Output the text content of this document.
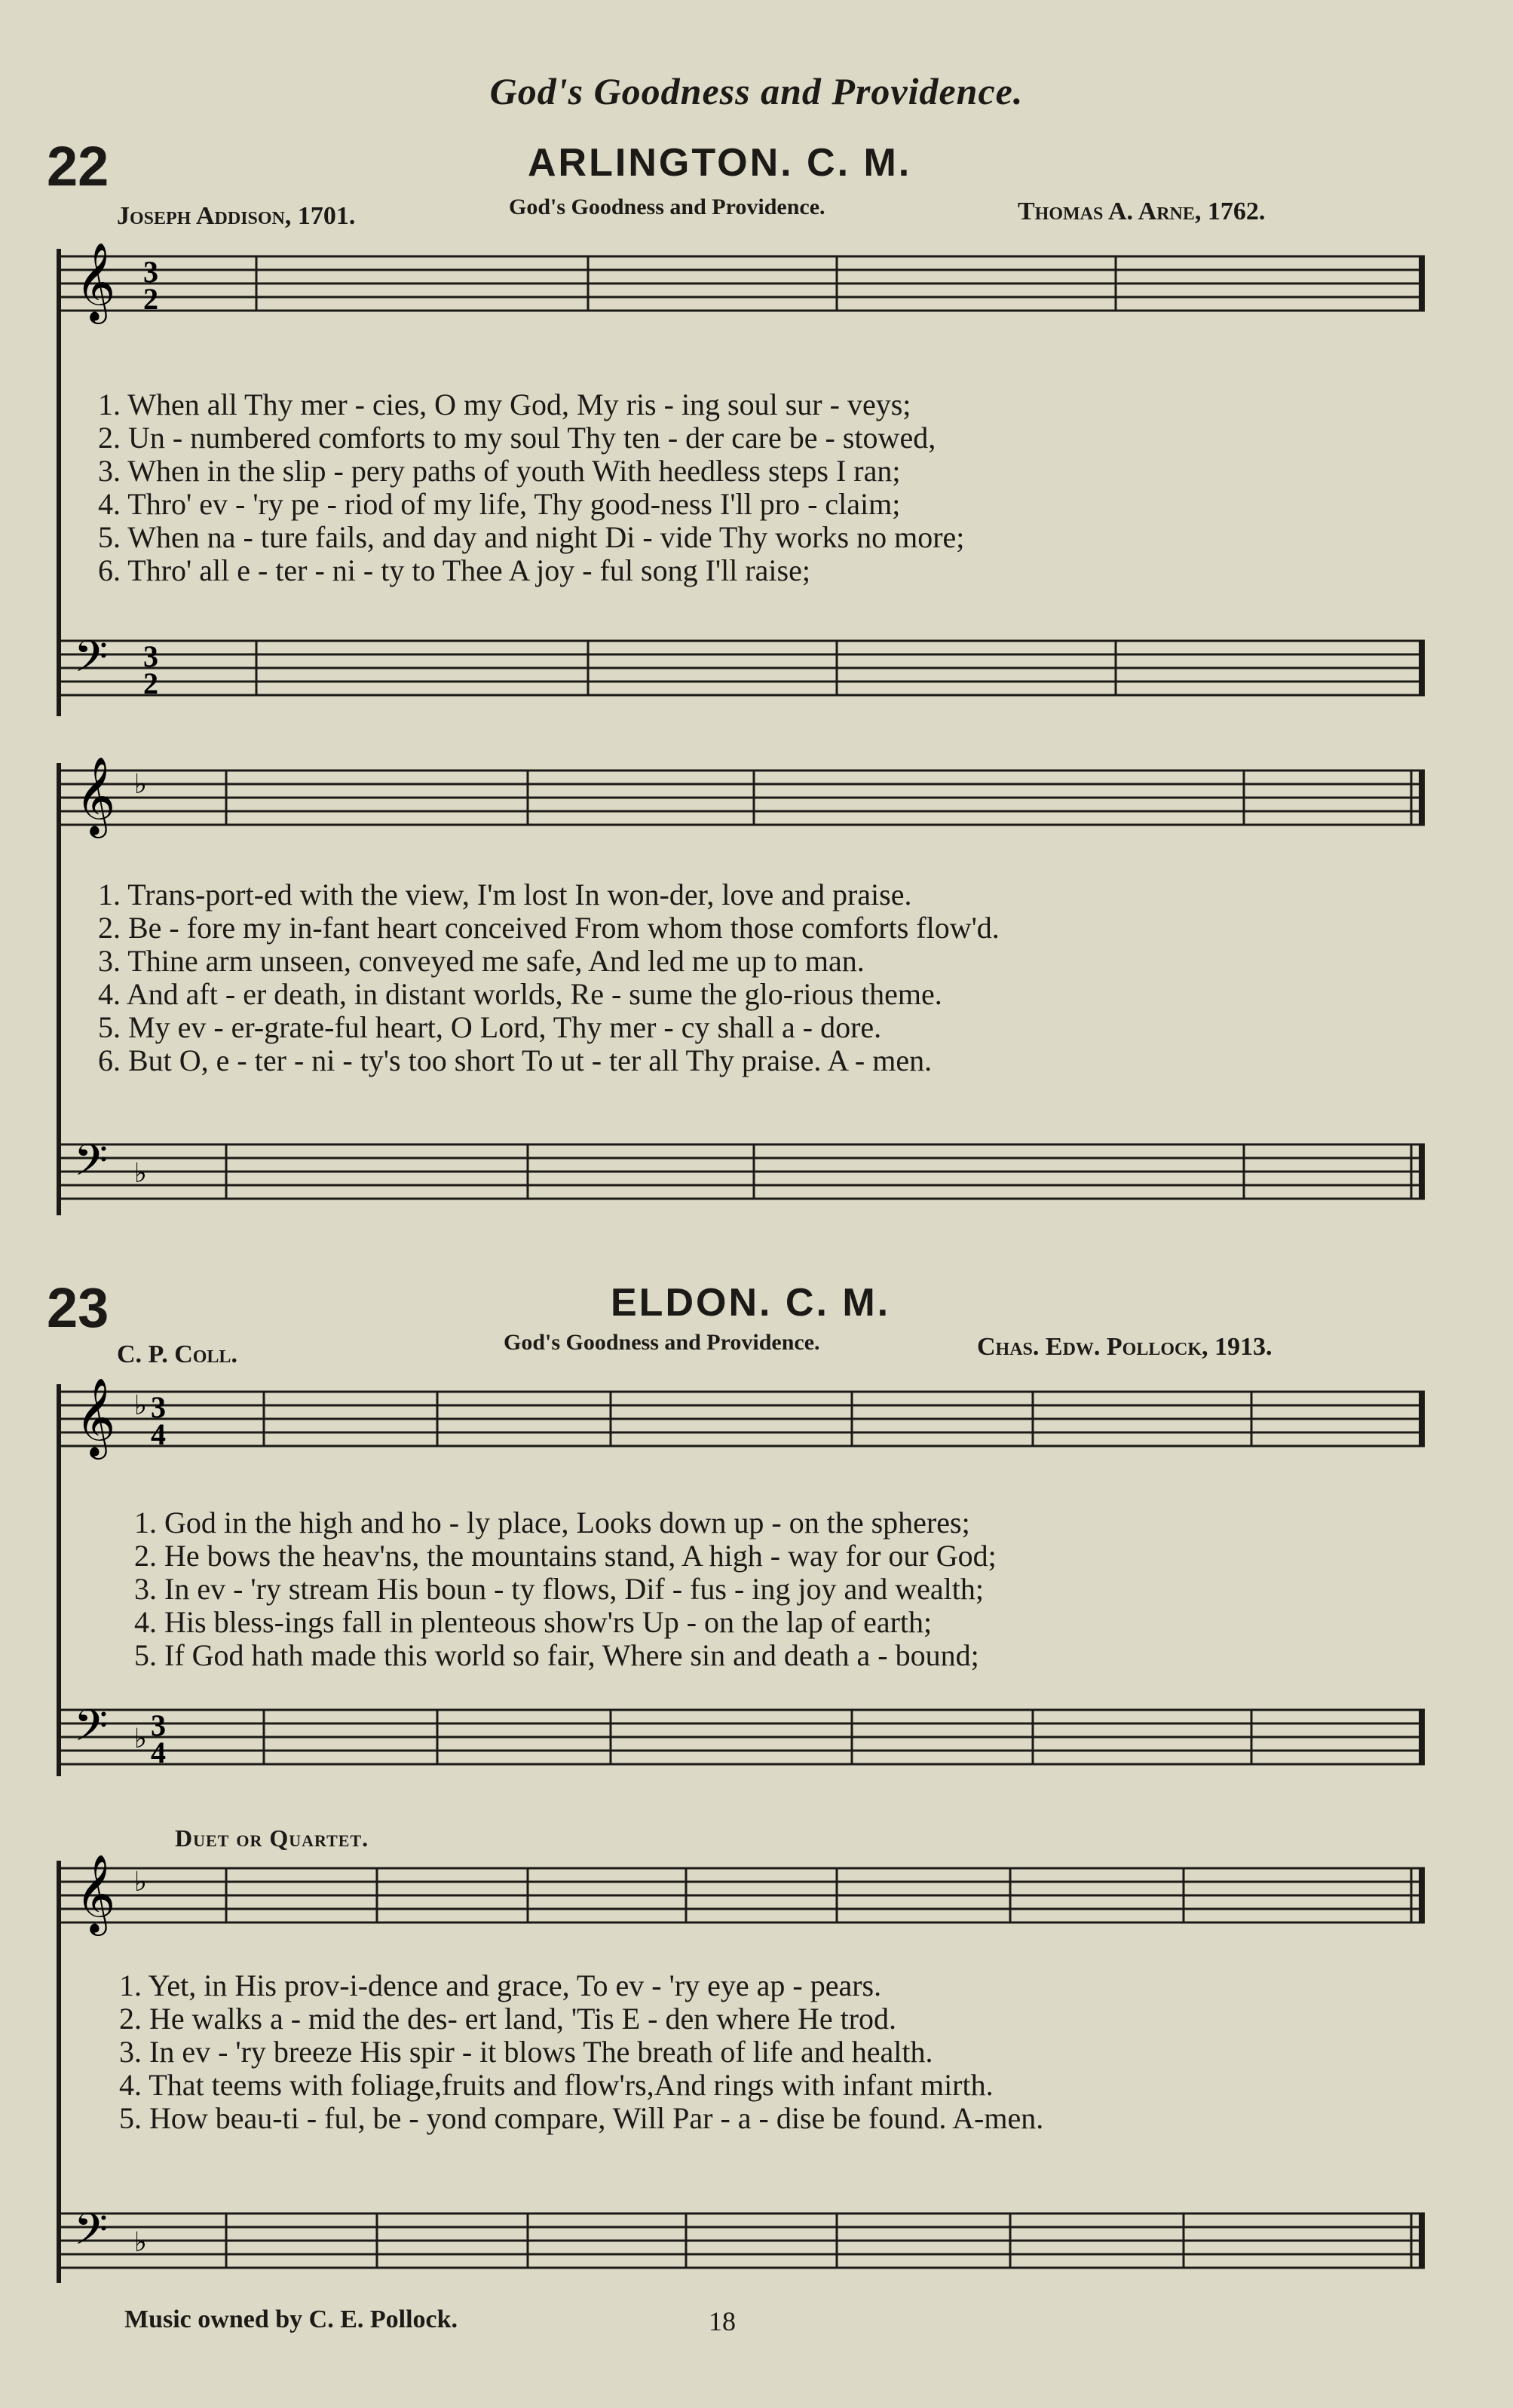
God's Goodness and Providence.
22	ARLINGTON. C. M.
Joseph Addison, 1701.	God's Goodness and Providence.	Thomas A. Arne, 1762.
𝄞 3
2
1. When all Thy mer - cies, O my God, My ris - ing soul sur - veys;
2. Un - numbered comforts to my soul Thy ten - der care be - stowed,
3. When in the slip - pery paths of youth With heedless steps I ran;
4. Thro' ev - 'ry pe - riod of my life, Thy good-ness I'll pro - claim;
5. When na - ture fails, and day and night Di - vide Thy works no more;
6. Thro' all e - ter - ni - ty to Thee A joy - ful song I'll raise;
𝄢 3
2
𝄞 ♭
1. Trans-port-ed with the view, I'm lost In won-der, love and praise.
2. Be - fore my in-fant heart conceived From whom those comforts flow'd.
3. Thine arm unseen, conveyed me safe, And led me up to man.
4. And aft - er death, in distant worlds, Re - sume the glo-rious theme.
5. My ev - er-grate-ful heart, O Lord, Thy mer - cy shall a - dore.
6. But O, e - ter - ni - ty's too short To ut - ter all Thy praise. A - men.
𝄢 ♭
23	ELDON. C. M.
C. P. Coll.	God's Goodness and Providence.	Chas. Edw. Pollock, 1913.
𝄞 ♭ 3
4
1. God in the high and ho - ly place, Looks down up - on the spheres;
2. He bows the heav'ns, the mountains stand, A high - way for our God;
3. In ev - 'ry stream His boun - ty flows, Dif - fus - ing joy and wealth;
4. His bless-ings fall in plenteous show'rs Up - on the lap of earth;
5. If God hath made this world so fair, Where sin and death a - bound;
𝄢 ♭ 3
4
Duet or Quartet.
𝄞 ♭
1. Yet, in His prov-i-dence and grace, To ev - 'ry eye ap - pears.
2. He walks a - mid the des- ert land, 'Tis E - den where He trod.
3. In ev - 'ry breeze His spir - it blows The breath of life and health.
4. That teems with foliage,fruits and flow'rs,And rings with infant mirth.
5. How beau-ti - ful, be - yond compare, Will Par - a - dise be found. A-men.
𝄢 ♭
Music owned by C. E. Pollock.	18
